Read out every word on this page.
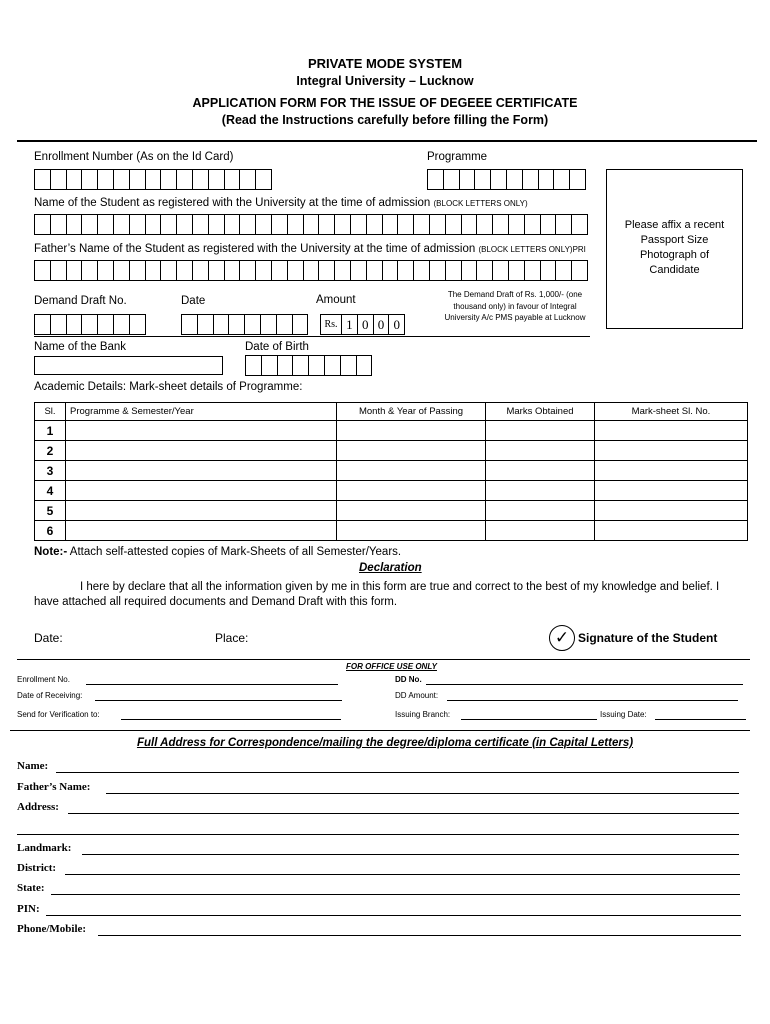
PRIVATE MODE SYSTEM
Integral University – Lucknow
APPLICATION FORM FOR THE ISSUE OF DEGEEE CERTIFICATE
(Read the Instructions carefully before filling the Form)
Enrollment Number (As on the Id Card)	Programme
Please affix a recent Passport Size Photograph of Candidate
Name of the Student as registered with the University at the time of admission (BLOCK LETTERS ONLY)
Father’s Name of the Student as registered with the University at the time of admission (BLOCK LETTERS ONLY)PRI
Demand Draft No.	Date	Amount
Rs. 1 0 0 0
The Demand Draft of Rs. 1,000/- (one thousand only) in favour of Integral University A/c PMS payable at Lucknow
Name of the Bank	Date of Birth
Academic Details: Mark-sheet details of Programme:
Sl.	Programme & Semester/Year	Month & Year of Passing	Marks Obtained	Mark-sheet Sl. No.
1				
2				
3				
4				
5				
6				
Note:- Attach self-attested copies of Mark-Sheets of all Semester/Years.
Declaration
I here by declare that all the information given by me in this form are true and correct to the best of my knowledge and belief. I have attached all required documents and Demand Draft with this form.
Date:	Place:	✓ Signature of the Student
FOR OFFICE USE ONLY
Enrollment No.	DD No.
Date of Receiving:	DD Amount:
Send for Verification to:	Issuing Branch:	Issuing Date:
Full Address for Correspondence/mailing the degree/diploma certificate (in Capital Letters)
Name:
Father’s Name:
Address:
Landmark:
District:
State:
PIN:
Phone/Mobile:
